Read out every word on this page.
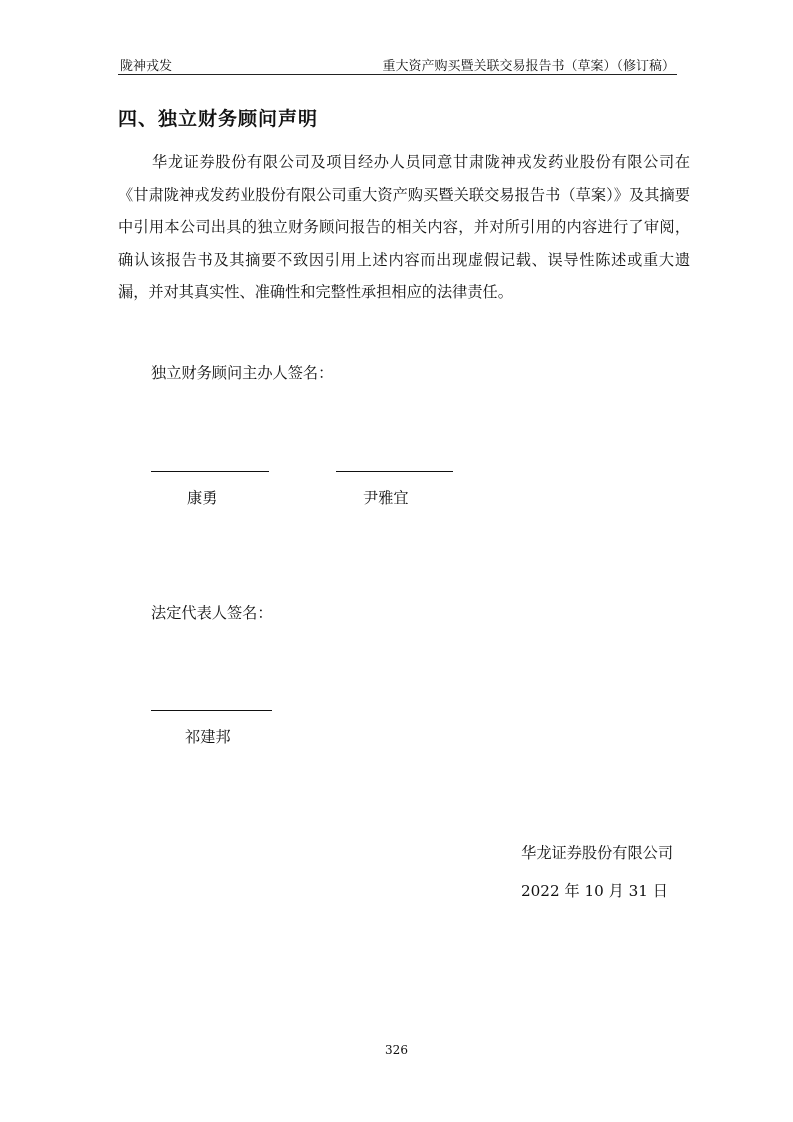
陇神戎发	重大资产购买暨关联交易报告书（草案）（修订稿）
四、独立财务顾问声明
华龙证券股份有限公司及项目经办人员同意甘肃陇神戎发药业股份有限公司在《甘肃陇神戎发药业股份有限公司重大资产购买暨关联交易报告书（草案）》及其摘要中引用本公司出具的独立财务顾问报告的相关内容，并对所引用的内容进行了审阅，确认该报告书及其摘要不致因引用上述内容而出现虚假记载、误导性陈述或重大遗漏，并对其真实性、准确性和完整性承担相应的法律责任。
独立财务顾问主办人签名：
康勇	尹雅宜
法定代表人签名：
祁建邦
华龙证券股份有限公司
2022 年 10 月 31 日
326
